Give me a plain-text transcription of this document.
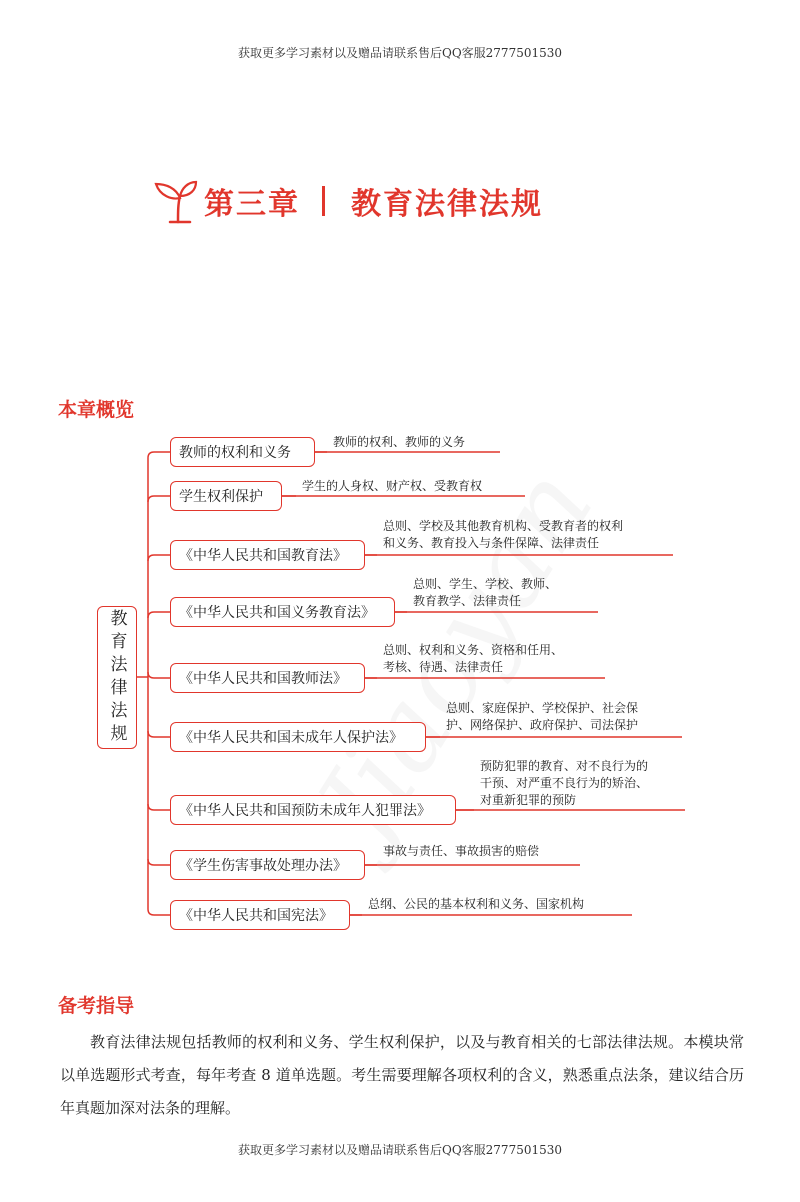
获取更多学习素材以及赠品请联系售后QQ客服2777501530
第三章 教育法律法规
本章概览
教育法律法规
教师的权利和义务
教师的权利、教师的义务
学生权利保护
学生的人身权、财产权、受教育权
《中华人民共和国教育法》
总则、学校及其他教育机构、受教育者的权利
和义务、教育投入与条件保障、法律责任
《中华人民共和国义务教育法》
总则、学生、学校、教师、
教育教学、法律责任
《中华人民共和国教师法》
总则、权利和义务、资格和任用、
考核、待遇、法律责任
《中华人民共和国未成年人保护法》
总则、家庭保护、学校保护、社会保
护、网络保护、政府保护、司法保护
《中华人民共和国预防未成年人犯罪法》
预防犯罪的教育、对不良行为的
干预、对严重不良行为的矫治、
对重新犯罪的预防
《学生伤害事故处理办法》
事故与责任、事故损害的赔偿
《中华人民共和国宪法》
总纲、公民的基本权利和义务、国家机构
备考指导
教育法律法规包括教师的权利和义务、学生权利保护，以及与教育相关的七部法律法规。本模块常以单选题形式考查，每年考查 8 道单选题。考生需要理解各项权利的含义，熟悉重点法条，建议结合历年真题加深对法条的理解。
获取更多学习素材以及赠品请联系售后QQ客服2777501530
